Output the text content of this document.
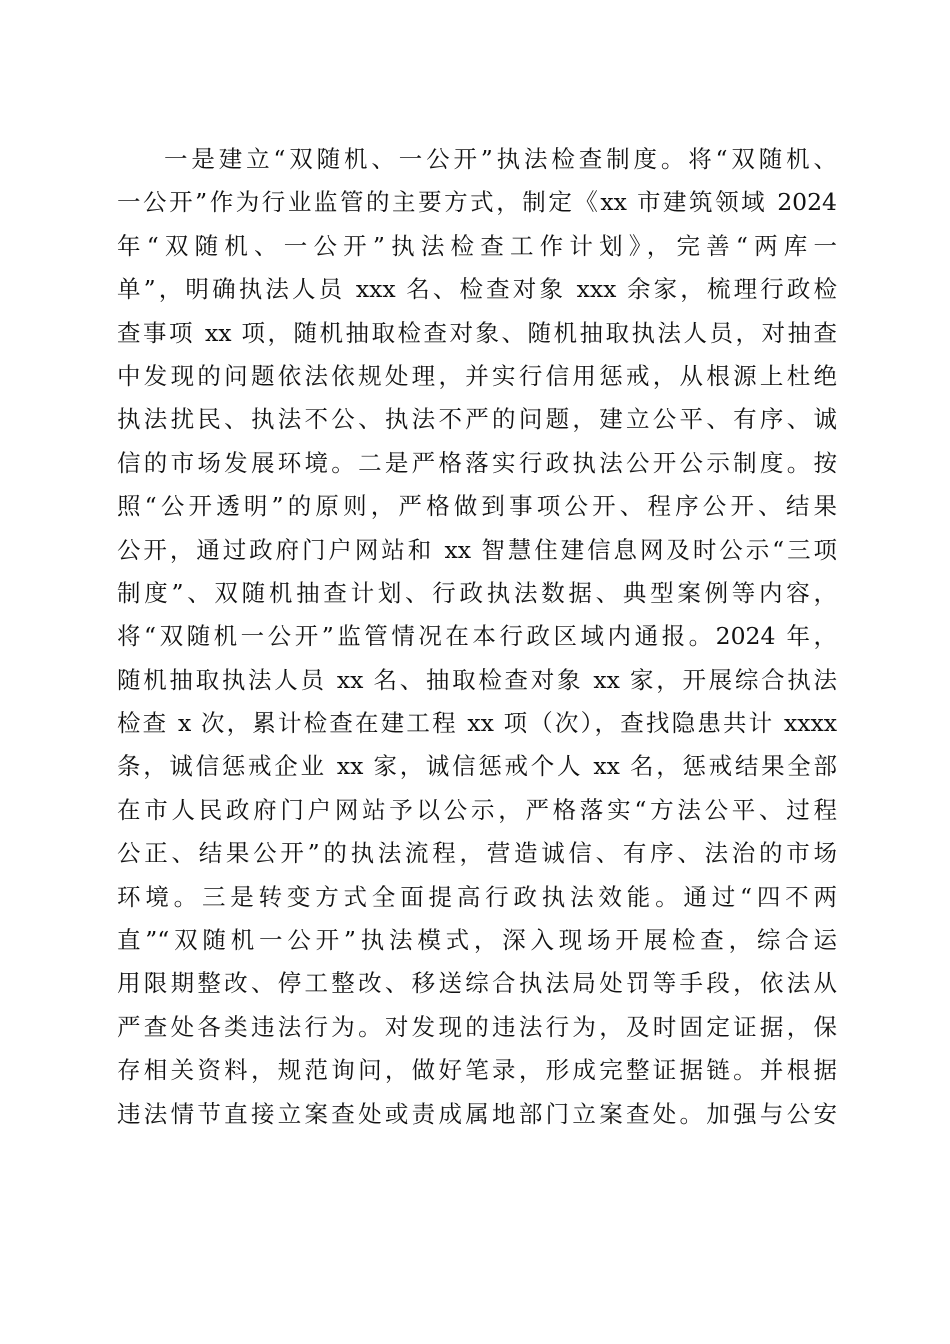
一是建立“双随机、一公开”执法检查制度。将“双随机、
一公开”作为行业监管的主要方式，制定《xx 市建筑领域 2024
年“双随机、一公开”执法检查工作计划》，完善“两库一
单”，明确执法人员 xxx 名、检查对象 xxx 余家，梳理行政检
查事项 xx 项，随机抽取检查对象、随机抽取执法人员，对抽查
中发现的问题依法依规处理，并实行信用惩戒，从根源上杜绝
执法扰民、执法不公、执法不严的问题，建立公平、有序、诚
信的市场发展环境。二是严格落实行政执法公开公示制度。按
照“公开透明”的原则，严格做到事项公开、程序公开、结果
公开，通过政府门户网站和 xx 智慧住建信息网及时公示“三项
制度”、双随机抽查计划、行政执法数据、典型案例等内容，
将“双随机一公开”监管情况在本行政区域内通报。2024 年，
随机抽取执法人员 xx 名、抽取检查对象 xx 家，开展综合执法
检查 x 次，累计检查在建工程 xx 项（次），查找隐患共计 xxxx
条，诚信惩戒企业 xx 家，诚信惩戒个人 xx 名，惩戒结果全部
在市人民政府门户网站予以公示，严格落实“方法公平、过程
公正、结果公开”的执法流程，营造诚信、有序、法治的市场
环境。三是转变方式全面提高行政执法效能。通过“四不两
直”“双随机一公开”执法模式，深入现场开展检查，综合运
用限期整改、停工整改、移送综合执法局处罚等手段，依法从
严查处各类违法行为。对发现的违法行为，及时固定证据，保
存相关资料，规范询问，做好笔录，形成完整证据链。并根据
违法情节直接立案查处或责成属地部门立案查处。加强与公安
